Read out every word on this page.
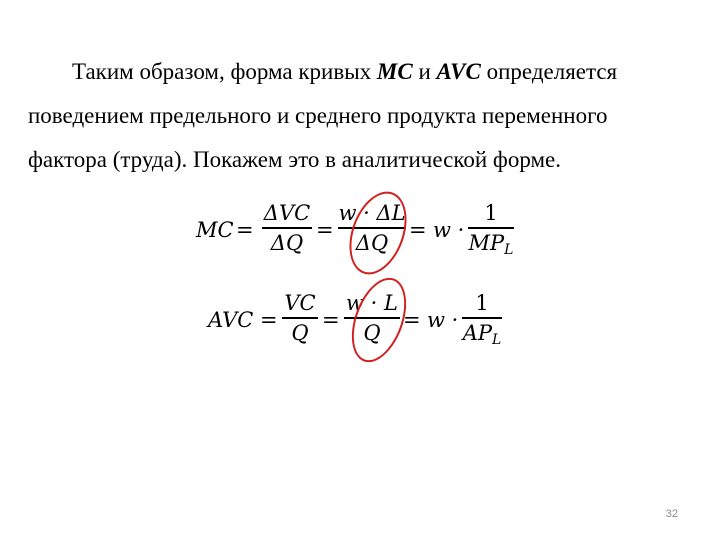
Таким образом, форма кривых MC и AVC определяется
поведением предельного и среднего продукта переменного
фактора (труда). Покажем это в аналитической форме.
MC =
ΔVC
ΔQ
=
w · ΔL
ΔQ
= w ·
1
$MP_L$
AVC =
VC
Q
=
w · L
Q
= w ·
1
$AP_L$
32
